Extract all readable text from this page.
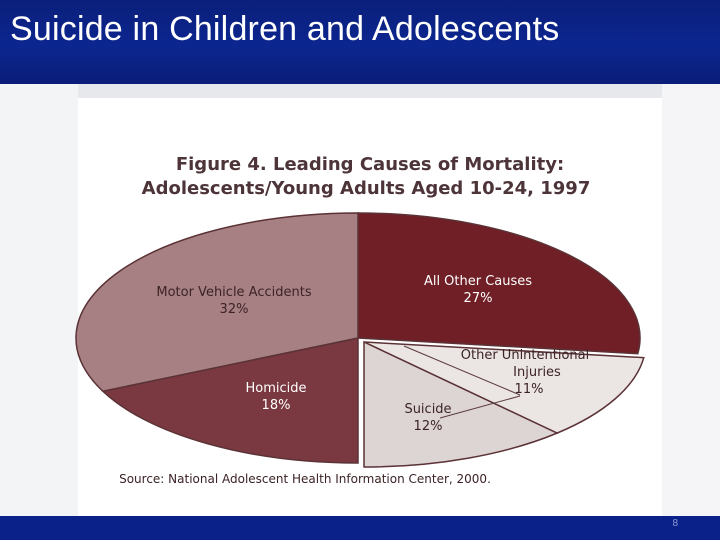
Suicide in Children and Adolescents
Figure 4. Leading Causes of Mortality:
Adolescents/Young Adults Aged 10-24, 1997
All Other Causes
27%
Other Unintentional
Injuries
11%
Suicide
12%
Homicide
18%
Motor Vehicle Accidents
32%
Source: National Adolescent Health Information Center, 2000.
8
